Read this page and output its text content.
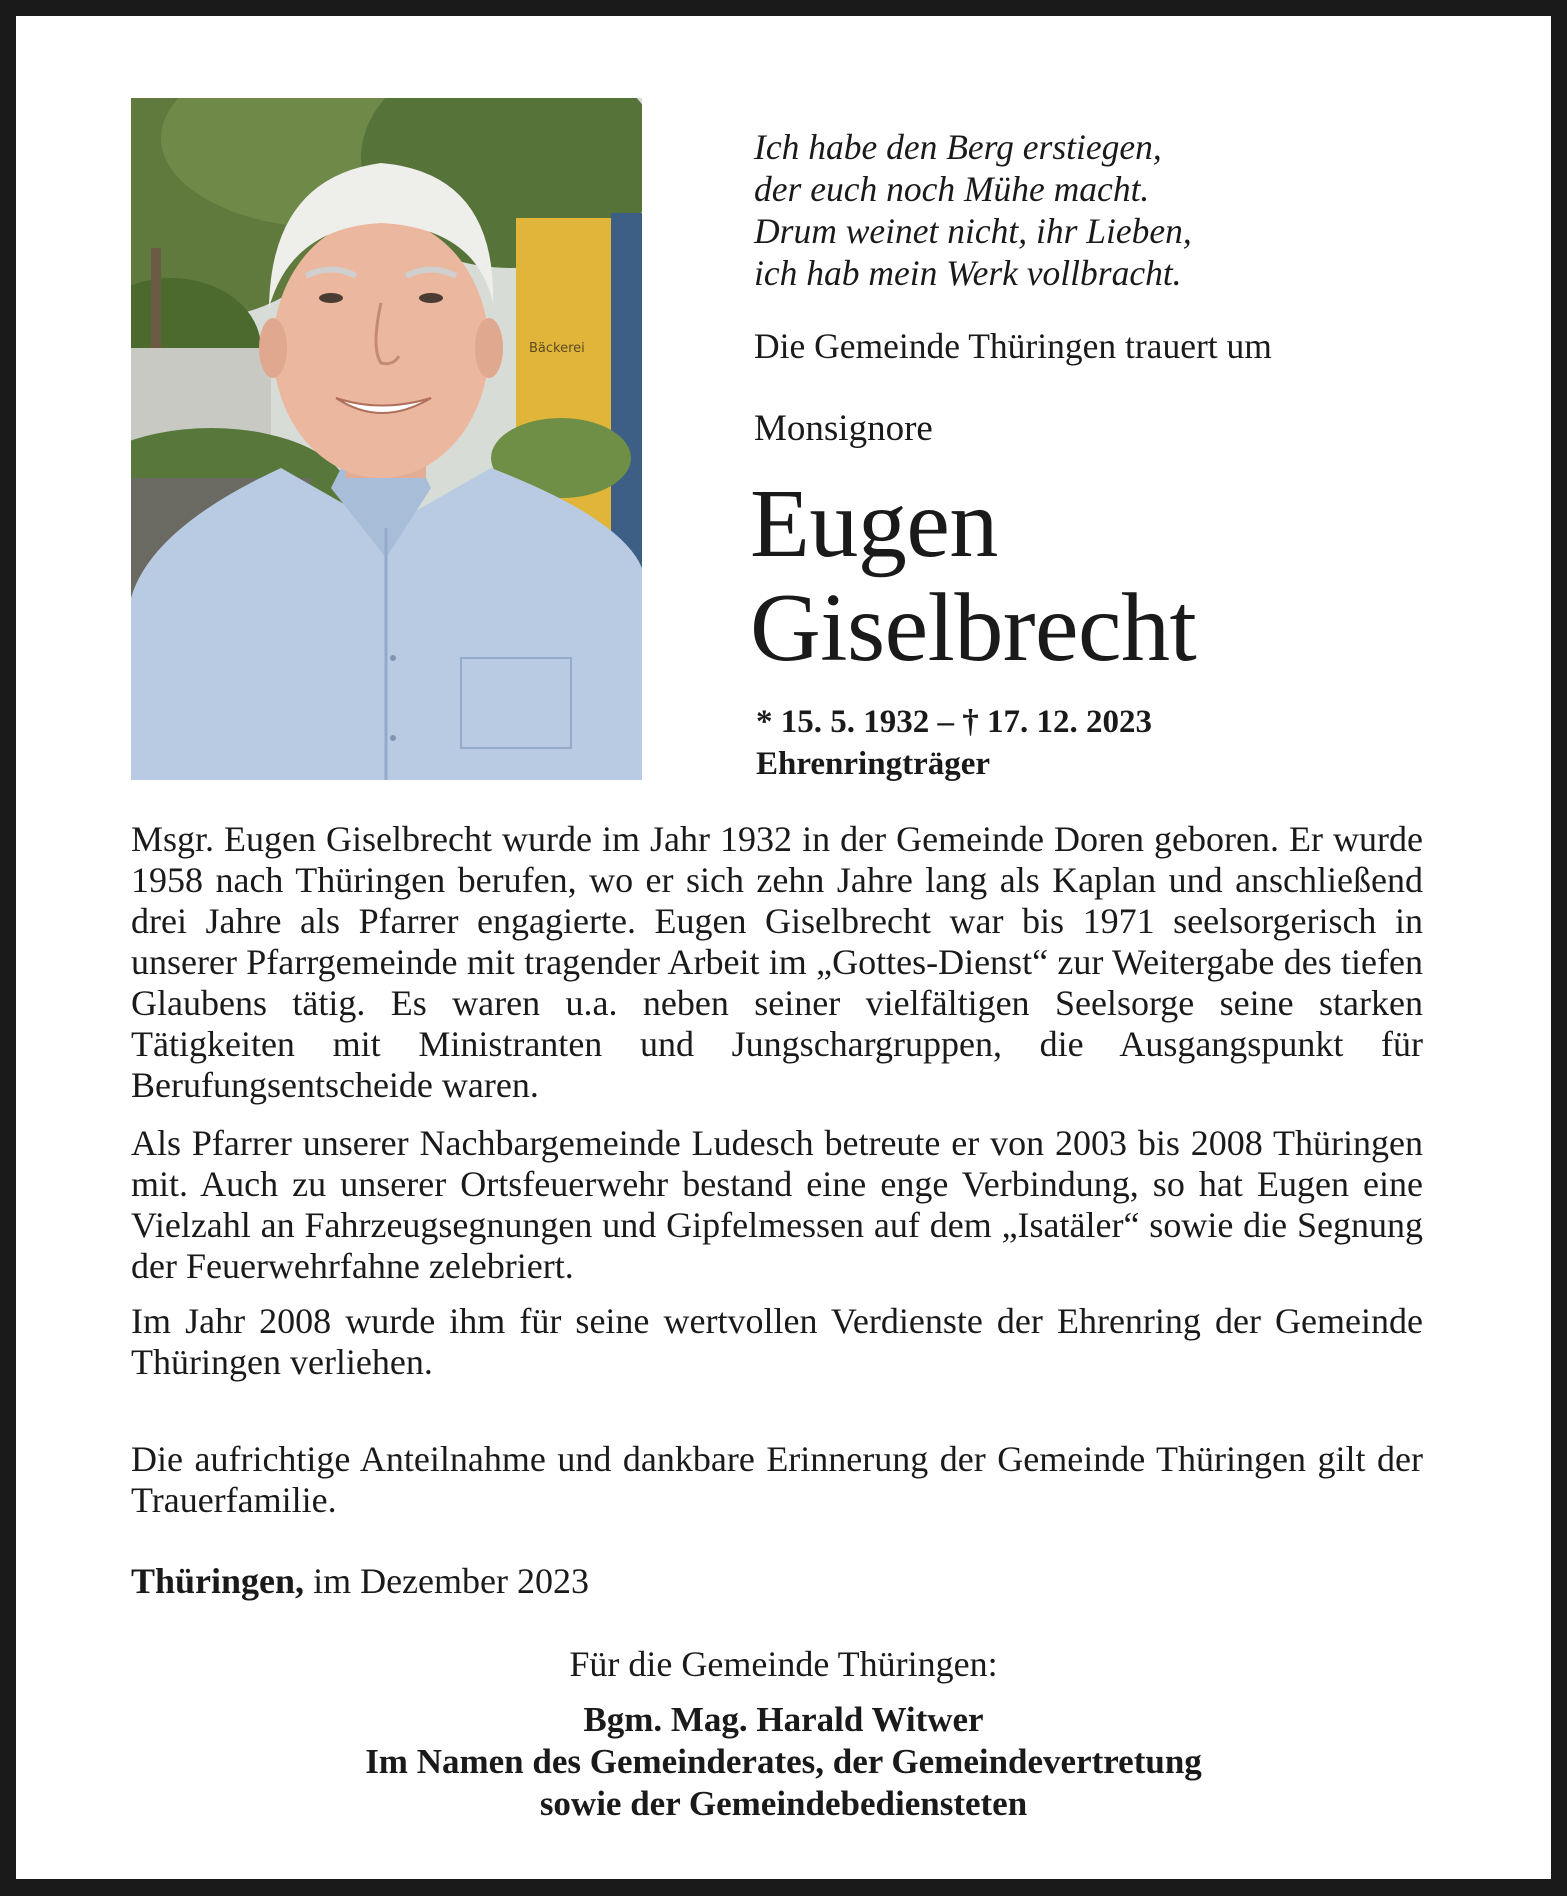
Bäckerei
Ich habe den Berg erstiegen,
der euch noch Mühe macht.
Drum weinet nicht, ihr Lieben,
ich hab mein Werk vollbracht.
Die Gemeinde Thüringen trauert um
Monsignore
Eugen
Giselbrecht
* 15. 5. 1932 – † 17. 12. 2023
Ehrenringträger

Msgr. Eugen Giselbrecht wurde im Jahr 1932 in der Gemeinde Doren geboren. Er wurde 1958 nach Thüringen berufen, wo er sich zehn Jahre lang als Kaplan und anschließend drei Jahre als Pfarrer engagierte. Eugen Giselbrecht war bis 1971 seelsorgerisch in unserer Pfarrgemeinde mit tragender Arbeit im „Gottes-Dienst“ zur Weitergabe des tiefen Glaubens tätig. Es waren u.a. neben seiner vielfältigen Seelsorge seine starken Tätigkeiten mit Ministranten und Jungschargruppen, die Ausgangspunkt für Berufungsentscheide waren.

Als Pfarrer unserer Nachbargemeinde Ludesch betreute er von 2003 bis 2008 Thüringen mit. Auch zu unserer Ortsfeuerwehr bestand eine enge Verbindung, so hat Eugen eine Vielzahl an Fahrzeugsegnungen und Gipfelmessen auf dem „Isatäler“ sowie die Segnung der Feuerwehrfahne zelebriert.

Im Jahr 2008 wurde ihm für seine wertvollen Verdienste der Ehrenring der Gemeinde Thüringen verliehen.

Die aufrichtige Anteilnahme und dankbare Erinnerung der Gemeinde Thüringen gilt der Trauerfamilie.

Thüringen, im Dezember 2023
Für die Gemeinde Thüringen:
Bgm. Mag. Harald Witwer
Im Namen des Gemeinderates, der Gemeindevertretung
sowie der Gemeindebediensteten
